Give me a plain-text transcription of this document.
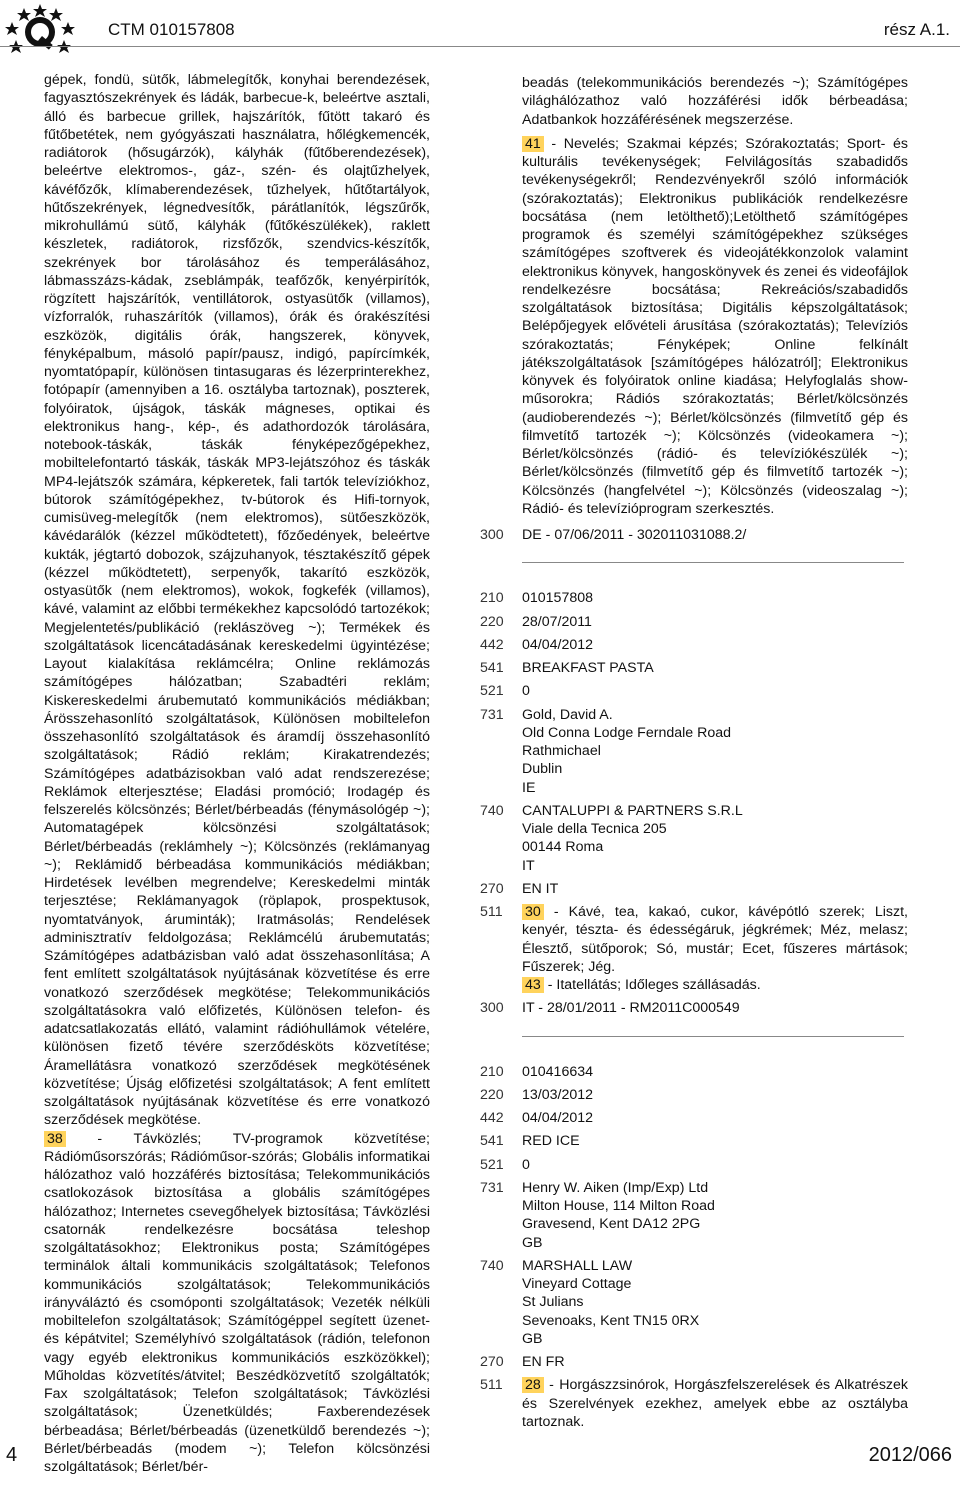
CTM 010157808	rész A.1.

gépek, fondü, sütők, lábmelegítők, konyhai berendezések, fagyasztószekrények és ládák, barbecue-k, beleértve asztali, álló és barbecue grillek, hajszárítók, fűtött takaró és fűtőbetétek, nem gyógyászati használatra, hőlégkemencék, radiátorok (hősugárzók), kályhák (fűtőberendezések), beleértve elektromos-, gáz-, szén- és olajtűzhelyek, kávéfőzők, klímaberendezések, tűzhelyek, hűtőtartályok, hűtőszekrények, légnedvesítők, párátlanítók, légszűrők, mikrohullámú sütő, kályhák (fűtőkészülékek), raklett készletek, radiátorok, rizsfőzők, szendvics-készítők, szekrények bor tárolásához és temperálásához, lábmasszázs-kádak, zseblámpák, teafőzők, kenyérpirítók, rögzített hajszárítók, ventillátorok, ostyasütők (villamos), vízforralók, ruhaszárítók (villamos), órák és órakészítési eszközök, digitális órák, hangszerek, könyvek, fényképalbum, másoló papír/pausz, indigó, papírcímkék, nyomtatópapír, különösen tintasugaras és lézerprinterekhez, fotópapír (amennyiben a 16. osztályba tartoznak), poszterek, folyóiratok, újságok, táskák mágneses, optikai és elektronikus hang-, kép-, és adathordozók tárolására, notebook-táskák, táskák fényképezőgépekhez, mobiltelefontartó táskák, táskák MP3-lejátszóhoz és táskák MP4-lejátszók számára, képkeretek, fali tartók televíziókhoz, bútorok számítógépekhez, tv-bútorok és Hifi-tornyok, cumisüveg-melegítők (nem elektromos), sütőeszközök, kávédarálók (kézzel működtetett), főzőedények, beleértve kukták, jégtartó dobozok, szájzuhanyok, tésztakészítő gépek (kézzel működtetett), serpenyők, takarító eszközök, ostyasütők (nem elektromos), wokok, fogkefék (villamos), kávé, valamint az előbbi termékekhez kapcsolódó tartozékok; Megjelentetés/publikáció (reklászöveg ~); Termékek és szolgáltatások licencátadásának kereskedelmi ügyintézése; Layout kialakítása reklámcélra; Online reklámozás számítógépes hálózatban; Szabadtéri reklám; Kiskereskedelmi árubemutató kommunikációs médiákban; Árösszehasonlító szolgáltatások, Különösen mobiltelefon összehasonlító szolgáltatások és áramdíj összehasonlító szolgáltatások; Rádió reklám; Kirakatrendezés; Számítógépes adatbázisokban való adat rendszerezése; Reklámok elterjesztése; Eladási promóció; Irodagép és felszerelés kölcsönzés; Bérlet/bérbeadás (fénymásológép ~); Automatagépek kölcsönzési szolgáltatások; Bérlet/bérbeadás (reklámhely ~); Kölcsönzés (reklámanyag ~); Reklámidő bérbeadása kommunikációs médiákban; Hirdetések levélben megrendelve; Kereskedelmi minták terjesztése; Reklámanyagok (röplapok, prospektusok, nyomtatványok, áruminták); Iratmásolás; Rendelések adminisztratív feldolgozása; Reklámcélú árubemutatás; Számítógépes adatbázisban való adat összehasonlítása; A fent említett szolgáltatások nyújtásának közvetítése és erre vonatkozó szerződések megkötése; Telekommunikációs szolgáltatásokra való előfizetés, Különösen telefon- és adatcsatlakozatás ellátó, valamint rádióhullámok vételére, különösen fizető tévére szerződésköts közvetítése; Áramellátásra vonatkozó szerződések megkötésének közvetítése; Újság előfizetési szolgáltatások; A fent említett szolgáltatások nyújtásának közvetítése és erre vonatkozó szerződések megkötése.

38 - Távközlés; TV-programok közvetítése; Rádióműsorszórás; Rádióműsor-szórás; Globális informatikai hálózathoz való hozzáférés biztosítása; Telekommunikációs csatlokozások biztosítása a globális számítógépes hálózathoz; Internetes csevegőhelyek biztosítása; Távközlési csatornák rendelkezésre bocsátása teleshop szolgáltatásokhoz; Elektronikus posta; Számítógépes terminálok általi kommunikácis szolgáltatások; Telefonos kommunikációs szolgáltatások; Telekommunikációs irányváláztó és csomóponti szolgáltatások; Vezeték nélküli mobiltelefon szolgáltatások; Számítógéppel segített üzenet- és képátvitel; Személyhívó szolgáltatások (rádión, telefonon vagy egyéb elektronikus kommunikációs eszközökkel); Műholdas közvetítés/átvitel; Beszédközvetítő szolgáltatók; Fax szolgáltatások; Telefon szolgáltatások; Távközlési szolgáltatások; Üzenetküldés; Faxberendezések bérbeadása; Bérlet/bérbeadás (üzenetküldő berendezés ~); Bérlet/bérbeadás (modem ~); Telefon kölcsönzési szolgáltatások; Bérlet/bér-

beadás (telekommunikációs berendezés ~); Számítógépes világhálózathoz való hozzáférési idők bérbeadása; Adatbankok hozzáférésének megszerzése.
41 - Nevelés; Szakmai képzés; Szórakoztatás; Sport- és kulturális tevékenységek; Felvilágosítás szabadidős tevékenységekről; Rendezvényekről szóló információk (szórakoztatás); Elektronikus publikációk rendelkezésre bocsátása (nem letölthető);Letölthető számítógépes programok és személyi számítógépekhez szükséges számítógépes szoftverek és videojátékkonzolok valamint elektronikus könyvek, hangoskönyvek és zenei és videofájlok rendelkezésre bocsátása; Rekreációs/szabadidős szolgáltatások biztosítása; Digitális képszolgáltatások; Belépőjegyek elővételi árusítása (szórakoztatás); Televíziós szórakoztatás; Fényképek; Online felkínált játékszolgáltatások [számítógépes hálózatról]; Elektronikus könyvek és folyóiratok online kiadása; Helyfoglalás show-műsorokra; Rádiós szórakoztatás; Bérlet/kölcsönzés (audioberendezés ~); Bérlet/kölcsönzés (filmvetítő gép és filmvetítő tartozék ~); Kölcsönzés (videokamera ~); Bérlet/kölcsönzés (rádió- és televíziókészülék ~); Bérlet/kölcsönzés (filmvetítő gép és filmvetítő tartozék ~); Kölcsönzés (hangfelvétel ~); Kölcsönzés (videoszalag ~); Rádió- és televízióprogram szerkesztés.
300	DE - 07/06/2011 - 302011031088.2/
210	010157808
220	28/07/2011
442	04/04/2012
541	BREAKFAST PASTA
521	0
731	Gold, David A.
Old Conna Lodge Ferndale Road
Rathmichael
Dublin
IE
740	CANTALUPPI & PARTNERS S.R.L
Viale della Tecnica 205
00144 Roma
IT
270	EN IT
511	30 - Kávé, tea, kakaó, cukor, kávépótló szerek; Liszt, kenyér, tészta- és édességáruk, jégkrémek; Méz, melasz; Élesztő, sütőporok; Só, mustár; Ecet, fűszeres mártások; Fűszerek; Jég.
43 - Itatellátás; Időleges szállásadás.
300	IT - 28/01/2011 - RM2011C000549
210	010416634
220	13/03/2012
442	04/04/2012
541	RED ICE
521	0
731	Henry W. Aiken (Imp/Exp) Ltd
Milton House, 114 Milton Road
Gravesend, Kent DA12 2PG
GB
740	MARSHALL LAW
Vineyard Cottage
St Julians
Sevenoaks, Kent TN15 0RX
GB
270	EN FR
511	28 - Horgászzsinórok, Horgászfelszerelések és Alkatrészek és Szerelvények ezekhez, amelyek ebbe az osztályba tartoznak.
4	2012/066
